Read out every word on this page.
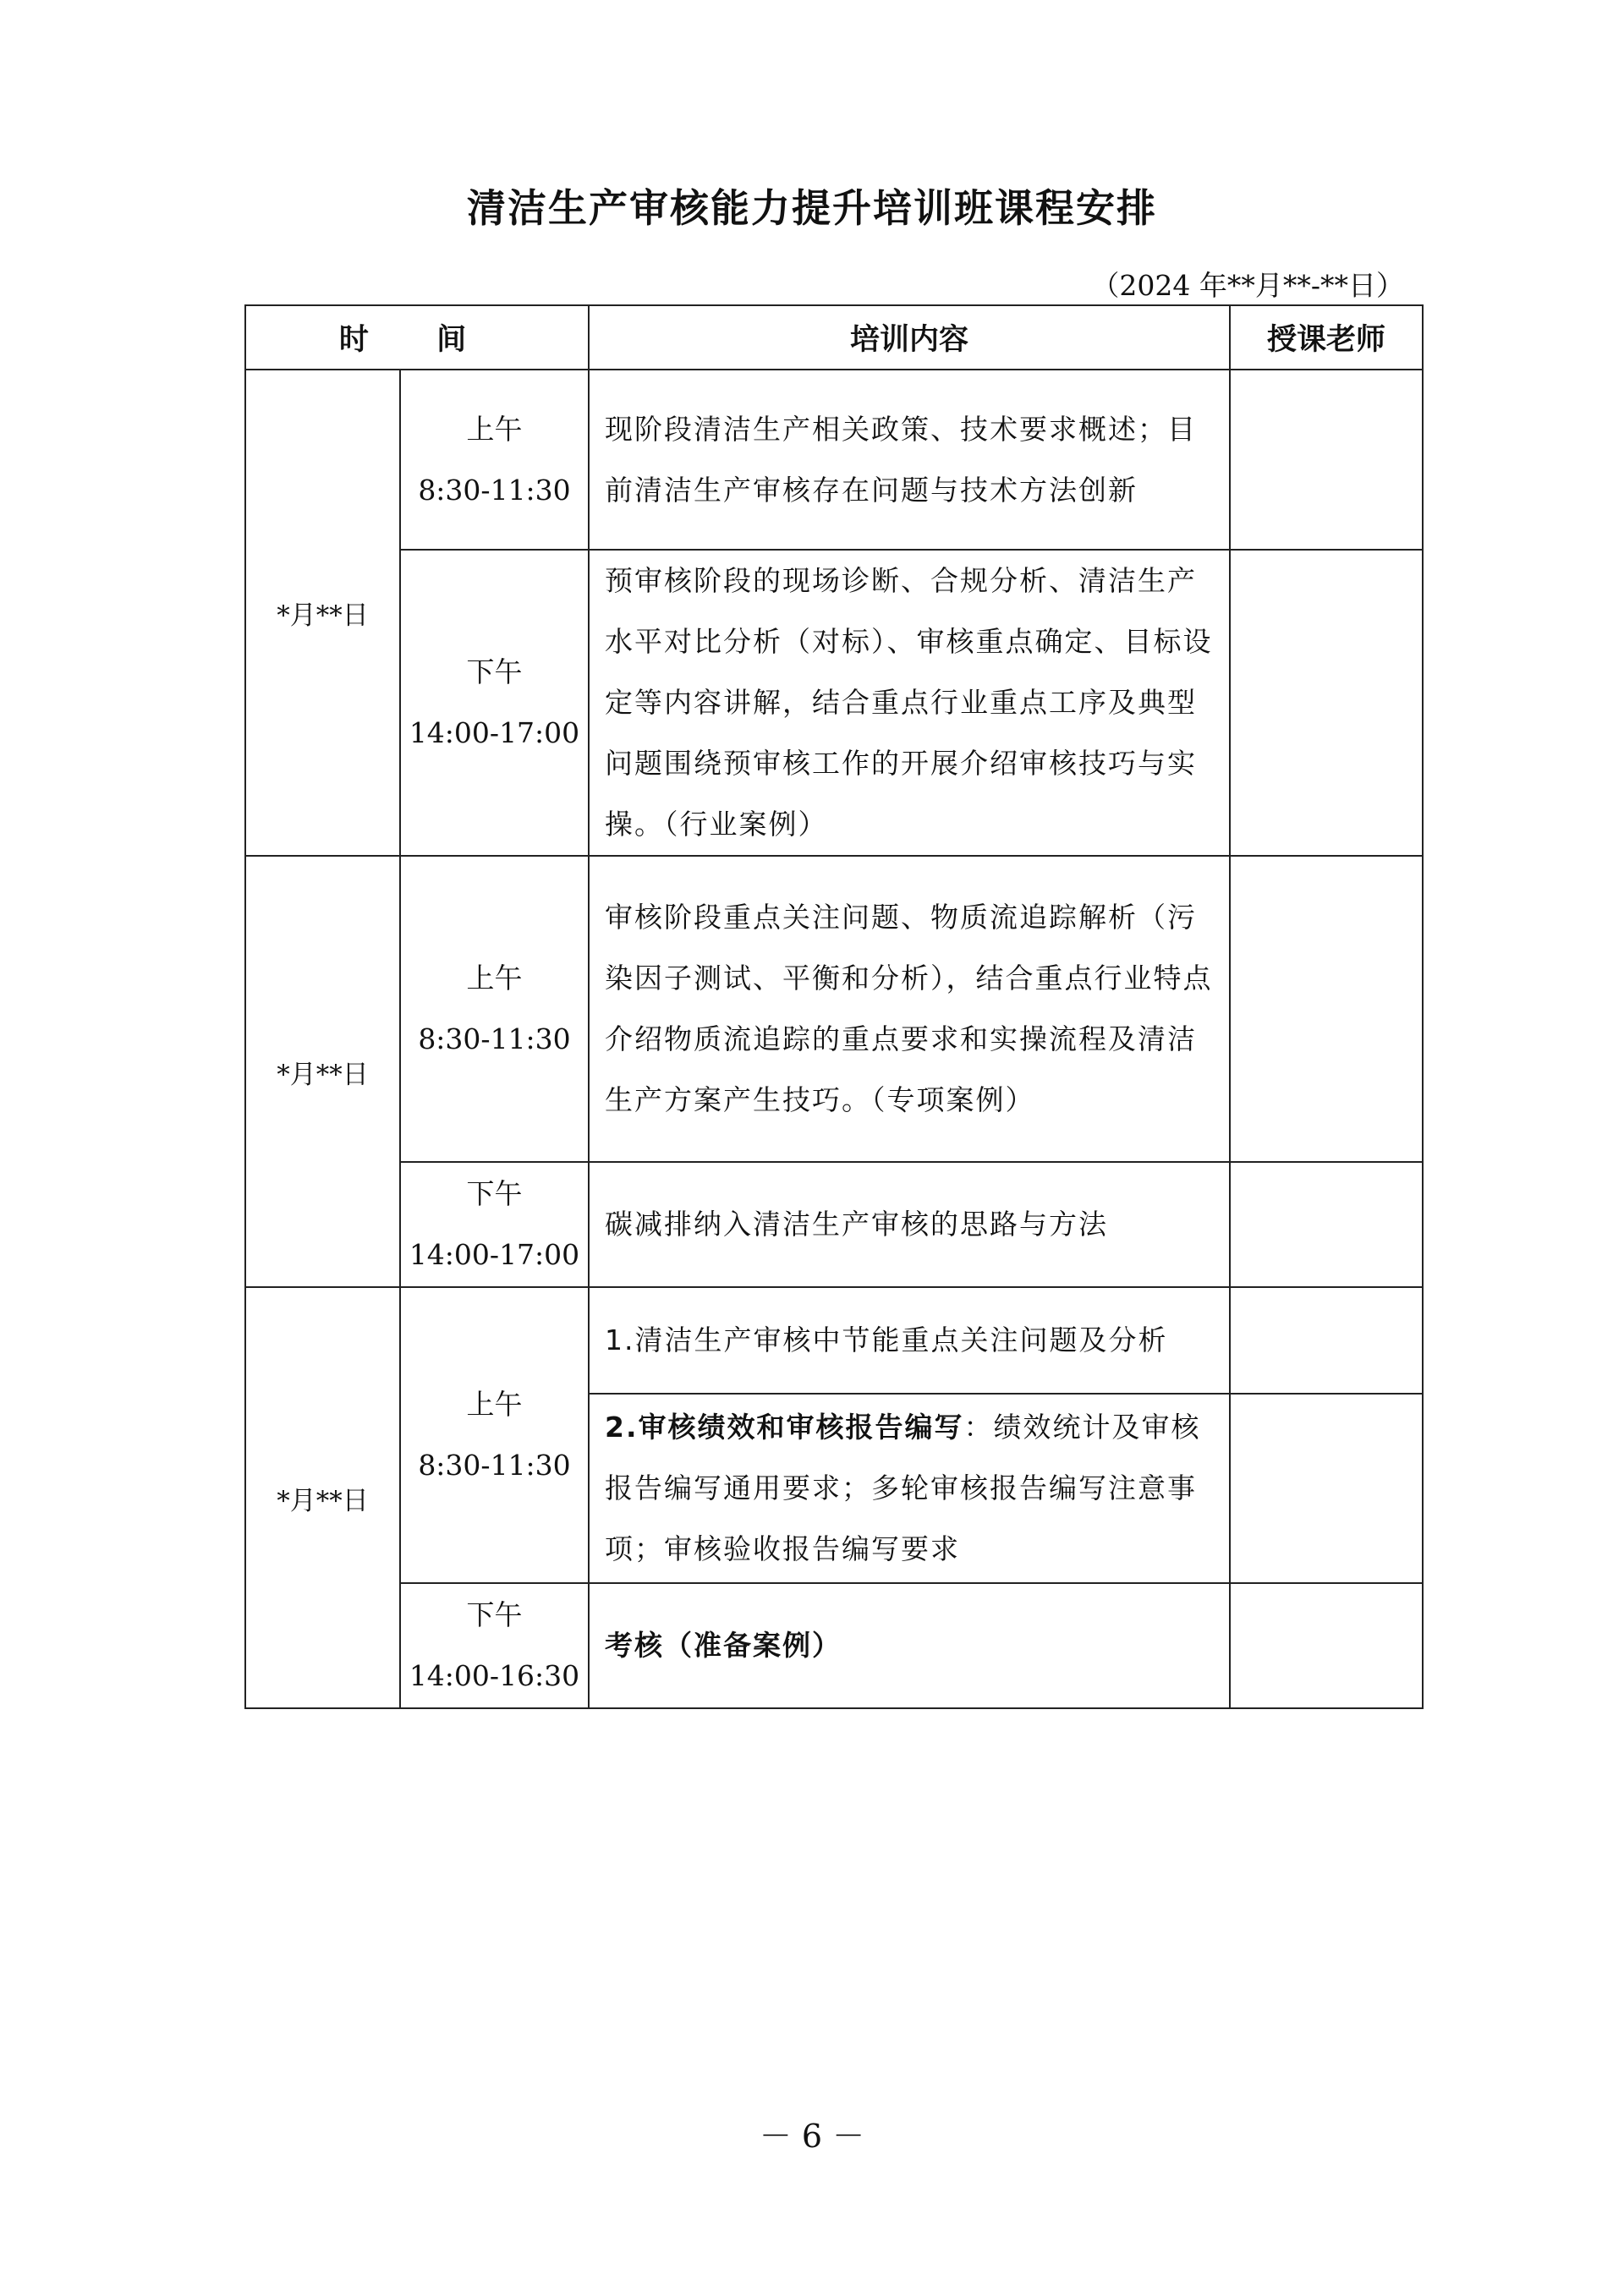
清洁生产审核能力提升培训班课程安排
（2024 年**月**-**日）
时 间		培训内容	授课老师
*月**日	上午
8:30-11:30	现阶段清洁生产相关政策、技术要求概述；目前清洁生产审核存在问题与技术方法创新	

	下午
14:00-17:00	预审核阶段的现场诊断、合规分析、清洁生产水平对比分析（对标）、审核重点确定、目标设定等内容讲解，结合重点行业重点工序及典型问题围绕预审核工作的开展介绍审核技巧与实操。（行业案例）	
*月**日	上午
8:30-11:30	审核阶段重点关注问题、物质流追踪解析（污染因子测试、平衡和分析），结合重点行业特点介绍物质流追踪的重点要求和实操流程及清洁生产方案产生技巧。（专项案例）	

	下午
14:00-17:00	碳减排纳入清洁生产审核的思路与方法	
*月**日	上午
8:30-11:30	1.清洁生产审核中节能重点关注问题及分析	
		2.审核绩效和审核报告编写：绩效统计及审核报告编写通用要求；多轮审核报告编写注意事项；审核验收报告编写要求	

	下午
14:00-16:30	考核（准备案例）	
－ 6 －
